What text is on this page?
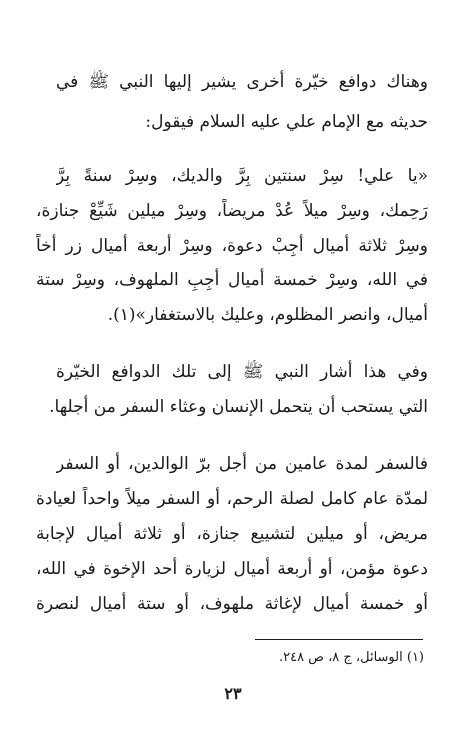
وهناك دوافع خيّرة أخرى يشير إليها النبي ﷺ في
حديثه مع الإمام علي عليه السلام فيقول:
«يا علي! سِرْ سنتين بِرَّ والديك، وسِرْ سنةً بِرَّ
رَحِمك، وسِرْ ميلاً عُدْ مريضاً، وسِرْ ميلين شَيِّعْ جنازة،
وسِرْ ثلاثة أميال أَجِبْ دعوة، وسِرْ أربعة أميال زر أخاً
في الله، وسِرْ خمسة أميال أَجِبِ الملهوف، وسِرْ ستة
أميال، وانصر المظلوم، وعليك بالاستغفار»(١).
وفي هذا أشار النبي ﷺ إلى تلك الدوافع الخيّرة
التي يستحب أن يتحمل الإنسان وعثاء السفر من أجلها.
فالسفر لمدة عامين من أجل برّ الوالدين، أو السفر
لمدّة عام كامل لصلة الرحم، أو السفر ميلاً واحداً لعيادة
مريض، أو ميلين لتشييع جنازة، أو ثلاثة أميال لإجابة
دعوة مؤمن، أو أربعة أميال لزيارة أحد الإخوة في الله،
أو خمسة أميال لإغاثة ملهوف، أو ستة أميال لنصرة
(١) الوسائل، ج ٨، ص ٢٤٨.
٢٣
